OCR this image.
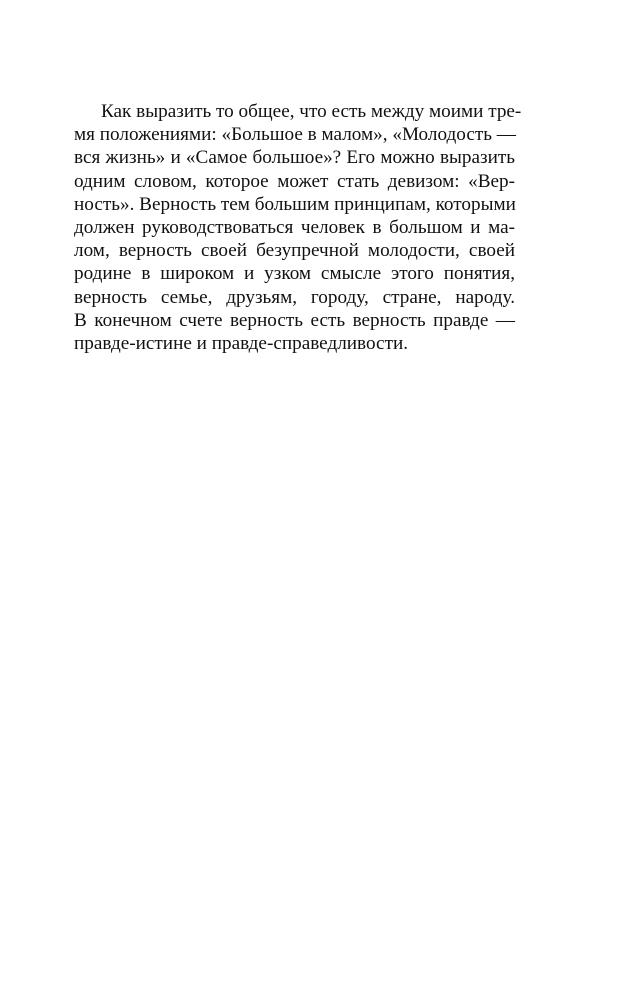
Как выразить то общее, что есть между моими тре-
мя положениями: «Большое в малом», «Молодость —
вся жизнь» и «Самое большое»? Его можно выразить
одним словом, которое может стать девизом: «Вер-
ность». Верность тем большим принципам, которыми
должен руководствоваться человек в большом и ма-
лом, верность своей безупречной молодости, своей
родине в широком и узком смысле этого понятия,
верность семье, друзьям, городу, стране, народу.
В конечном счете верность есть верность правде —
правде-истине и правде-справедливости.
